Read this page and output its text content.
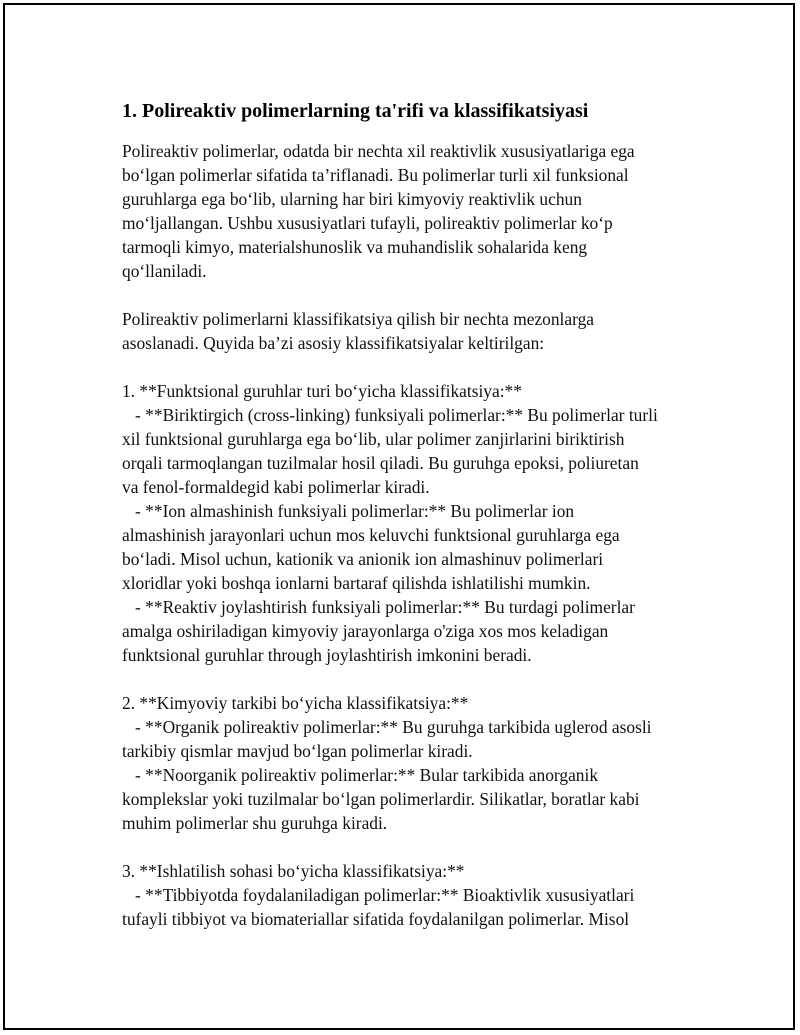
1. Polireaktiv polimerlarning ta'rifi va klassifikatsiyasi
Polireaktiv polimerlar, odatda bir nechta xil reaktivlik xususiyatlariga ega
bo‘lgan polimerlar sifatida ta’riflanadi. Bu polimerlar turli xil funksional
guruhlarga ega bo‘lib, ularning har biri kimyoviy reaktivlik uchun
mo‘ljallangan. Ushbu xususiyatlari tufayli, polireaktiv polimerlar ko‘p
tarmoqli kimyo, materialshunoslik va muhandislik sohalarida keng
qo‘llaniladi.
Polireaktiv polimerlarni klassifikatsiya qilish bir nechta mezonlarga
asoslanadi. Quyida ba’zi asosiy klassifikatsiyalar keltirilgan:
1. **Funktsional guruhlar turi bo‘yicha klassifikatsiya:**
- **Biriktirgich (cross-linking) funksiyali polimerlar:** Bu polimerlar turli
xil funktsional guruhlarga ega bo‘lib, ular polimer zanjirlarini biriktirish
orqali tarmoqlangan tuzilmalar hosil qiladi. Bu guruhga epoksi, poliuretan
va fenol-formaldegid kabi polimerlar kiradi.
- **Ion almashinish funksiyali polimerlar:** Bu polimerlar ion
almashinish jarayonlari uchun mos keluvchi funktsional guruhlarga ega
bo‘ladi. Misol uchun, kationik va anionik ion almashinuv polimerlari
xloridlar yoki boshqa ionlarni bartaraf qilishda ishlatilishi mumkin.
- **Reaktiv joylashtirish funksiyali polimerlar:** Bu turdagi polimerlar
amalga oshiriladigan kimyoviy jarayonlarga o'ziga xos mos keladigan
funktsional guruhlar through joylashtirish imkonini beradi.
2. **Kimyoviy tarkibi bo‘yicha klassifikatsiya:**
- **Organik polireaktiv polimerlar:** Bu guruhga tarkibida uglerod asosli
tarkibiy qismlar mavjud bo‘lgan polimerlar kiradi.
- **Noorganik polireaktiv polimerlar:** Bular tarkibida anorganik
komplekslar yoki tuzilmalar bo‘lgan polimerlardir. Silikatlar, boratlar kabi
muhim polimerlar shu guruhga kiradi.
3. **Ishlatilish sohasi bo‘yicha klassifikatsiya:**
- **Tibbiyotda foydalaniladigan polimerlar:** Bioaktivlik xususiyatlari
tufayli tibbiyot va biomateriallar sifatida foydalanilgan polimerlar. Misol
